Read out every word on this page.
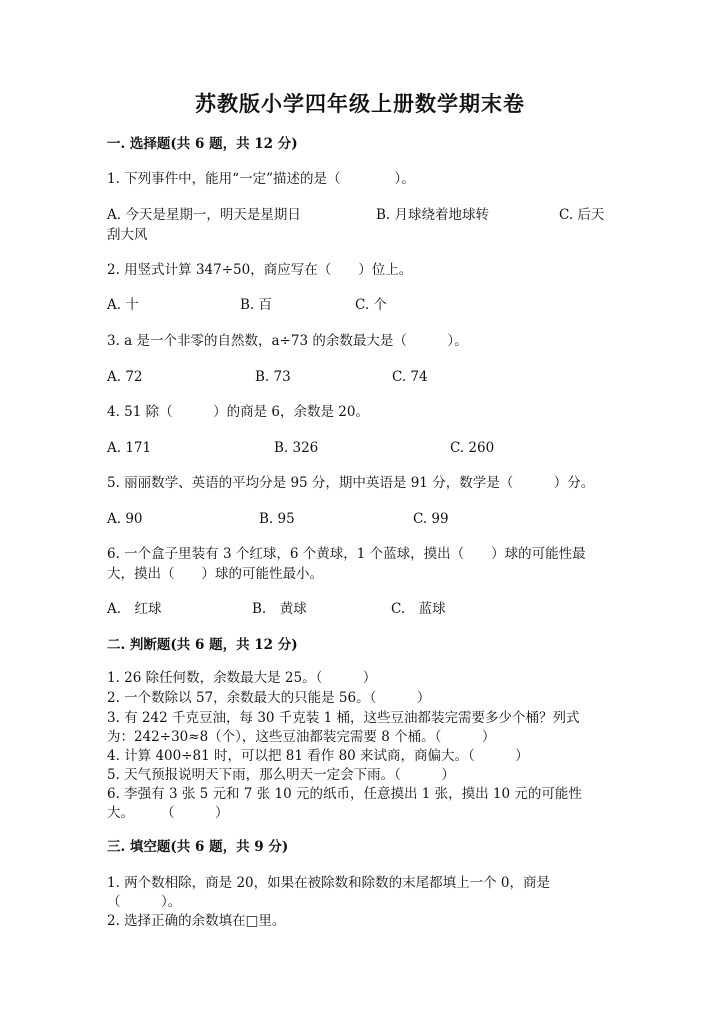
苏教版小学四年级上册数学期末卷
一. 选择题(共 6 题，共 12 分)
1. 下列事件中，能用“一定”描述的是（　　　　）。
A. 今天是星期一，明天是星期日	B. 月球绕着地球转	C. 后天
刮大风
2. 用竖式计算 347÷50，商应写在（　　）位上。
A. 十	B. 百	C. 个
3. a 是一个非零的自然数，a÷73 的余数最大是（　　　）。
A. 72	B. 73	C. 74
4. 51 除（　　　）的商是 6，余数是 20。
A. 171	B. 326	C. 260
5. 丽丽数学、英语的平均分是 95 分，期中英语是 91 分，数学是（　　　）分。
A. 90	B. 95	C. 99
6. 一个盒子里装有 3 个红球，6 个黄球，1 个蓝球，摸出（　　）球的可能性最
大，摸出（　　）球的可能性最小。
A.　红球	B.　黄球	C.　蓝球
二. 判断题(共 6 题，共 12 分)
1. 26 除任何数，余数最大是 25。（　　　）
2. 一个数除以 57，余数最大的只能是 56。（　　　）
3. 有 242 千克豆油，每 30 千克装 1 桶，这些豆油都装完需要多少个桶？列式
为：242÷30≈8（个），这些豆油都装完需要 8 个桶。（　　　）
4. 计算 400÷81 时，可以把 81 看作 80 来试商，商偏大。（　　　）
5. 天气预报说明天下雨，那么明天一定会下雨。（　　　）
6. 李强有 3 张 5 元和 7 张 10 元的纸币，任意摸出 1 张，摸出 10 元的可能性
大。　　　（　　　）
三. 填空题(共 6 题，共 9 分)
1. 两个数相除，商是 20，如果在被除数和除数的末尾都填上一个 0，商是
（　　　）。
2. 选择正确的余数填在□里。
